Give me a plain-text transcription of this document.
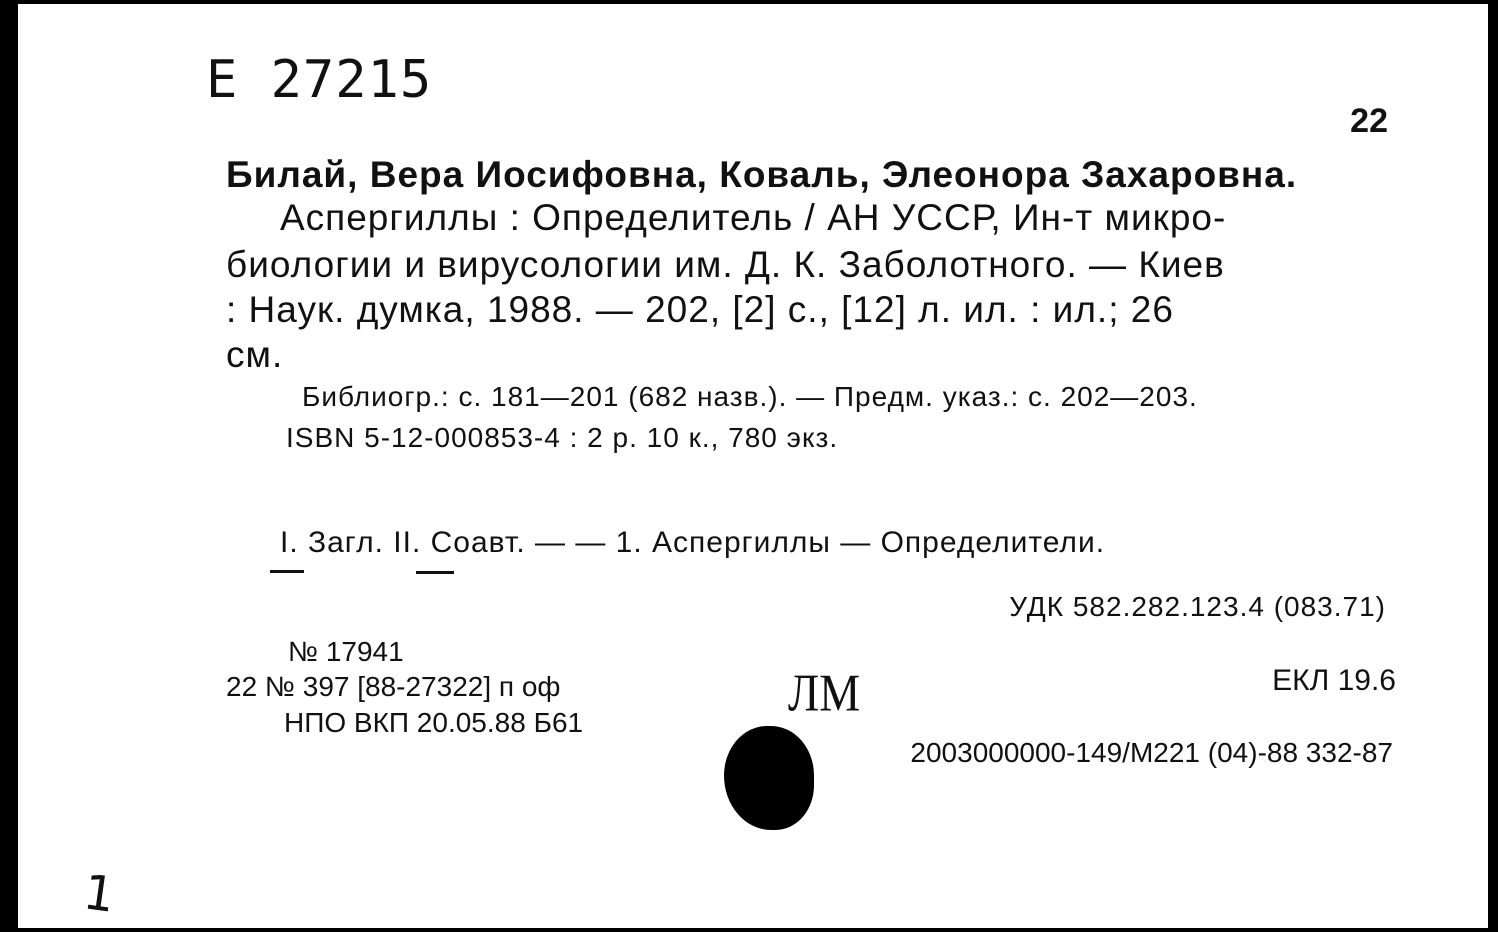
Е 27215
22
Билай, Вера Иосифовна, Коваль, Элеонора Захаровна.
Аспергиллы : Определитель / АН УССР, Ин-т микро-
биологии и вирусологии им. Д. К. Заболотного. — Киев
: Наук. думка, 1988. — 202, [2] с., [12] л. ил. : ил.; 26
см.
Библиогр.: с. 181—201 (682 назв.). — Предм. указ.: с. 202—203.
ISBN 5-12-000853-4 : 2 р. 10 к., 780 экз.
I. Загл. II. Соавт. — — 1. Аспергиллы — Определители.
УДК 582.282.123.4 (083.71)
№ 17941
22 № 397 [88-27322] п оф
НПО ВКП 20.05.88 Б61
ЕКЛ 19.6
ЛМ
2003000000-149/М221 (04)-88 332-87
1
